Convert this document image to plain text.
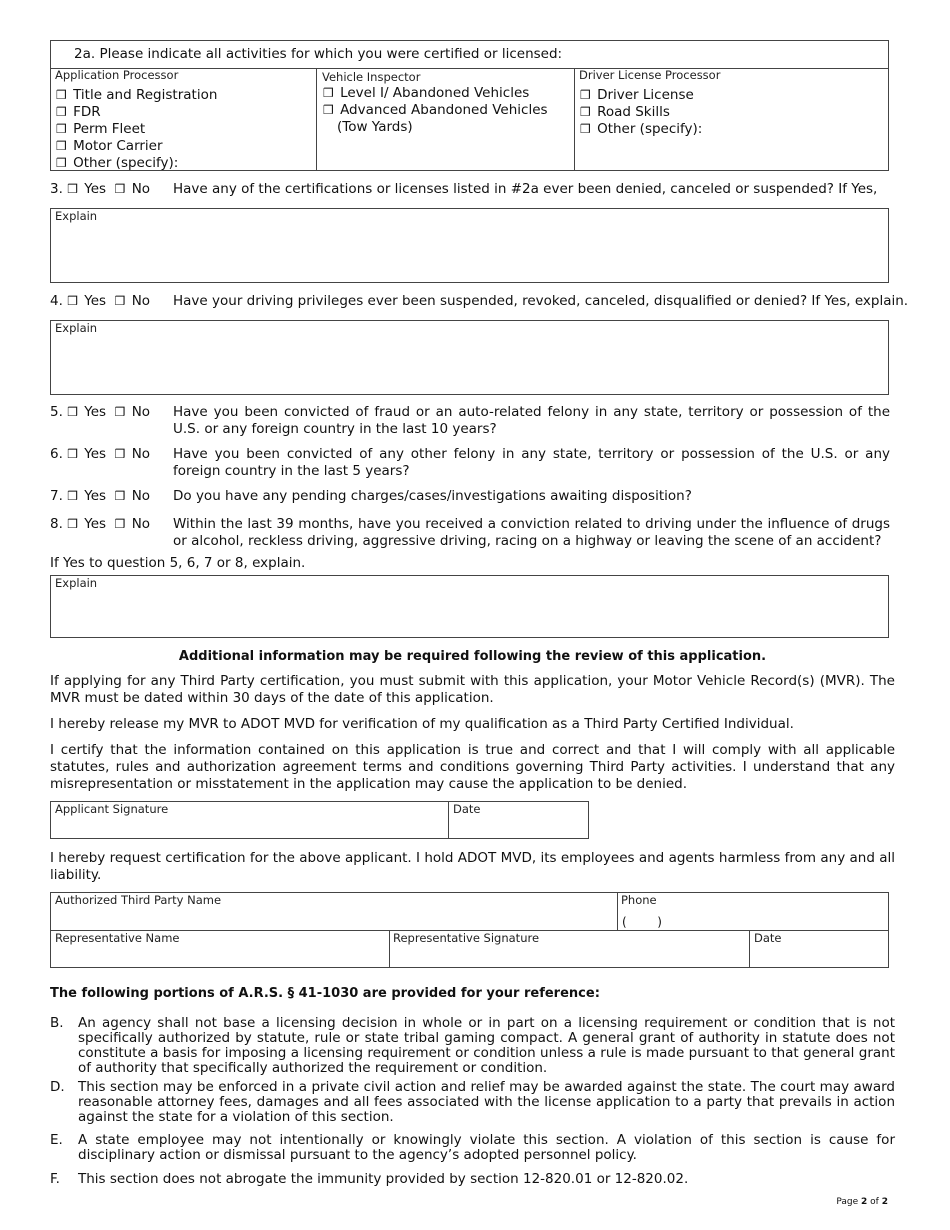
2a. Please indicate all activities for which you were certified or licensed:
Application Processor
❒ Title and Registration
❒ FDR
❒ Perm Fleet
❒ Motor Carrier
❒ Other (specify):
Vehicle Inspector
❒ Level I/ Abandoned Vehicles
❒ Advanced Abandoned Vehicles
(Tow Yards)
Driver License Processor
❒ Driver License
❒ Road Skills
❒ Other (specify):
3. ❒ Yes ❒ No Have any of the certifications or licenses listed in #2a ever been denied, canceled or suspended? If Yes,
Explain
4. ❒ Yes ❒ No Have your driving privileges ever been suspended, revoked, canceled, disqualified or denied? If Yes, explain.
Explain
5. ❒ Yes ❒ No Have you been convicted of fraud or an auto-related felony in any state, territory or possession of the U.S. or any foreign country in the last 10 years?
6. ❒ Yes ❒ No Have you been convicted of any other felony in any state, territory or possession of the U.S. or any foreign country in the last 5 years?
7. ❒ Yes ❒ No Do you have any pending charges/cases/investigations awaiting disposition?
8. ❒ Yes ❒ No Within the last 39 months, have you received a conviction related to driving under the influence of drugs or alcohol, reckless driving, aggressive driving, racing on a highway or leaving the scene of an accident?
If Yes to question 5, 6, 7 or 8, explain.
Explain
Additional information may be required following the review of this application.
If applying for any Third Party certification, you must submit with this application, your Motor Vehicle Record(s) (MVR). The MVR must be dated within 30 days of the date of this application.
I hereby release my MVR to ADOT MVD for verification of my qualification as a Third Party Certified Individual.
I certify that the information contained on this application is true and correct and that I will comply with all applicable statutes, rules and authorization agreement terms and conditions governing Third Party activities. I understand that any misrepresentation or misstatement in the application may cause the application to be denied.
Applicant Signature	Date
I hereby request certification for the above applicant. I hold ADOT MVD, its employees and agents harmless from any and all liability.
Authorized Third Party Name	Phone
(        )
Representative Name	Representative Signature	Date
The following portions of A.R.S. § 41-1030 are provided for your reference:
B. An agency shall not base a licensing decision in whole or in part on a licensing requirement or condition that is not specifically authorized by statute, rule or state tribal gaming compact. A general grant of authority in statute does not constitute a basis for imposing a licensing requirement or condition unless a rule is made pursuant to that general grant of authority that specifically authorized the requirement or condition.
D. This section may be enforced in a private civil action and relief may be awarded against the state. The court may award reasonable attorney fees, damages and all fees associated with the license application to a party that prevails in action against the state for a violation of this section.
E. A state employee may not intentionally or knowingly violate this section. A violation of this section is cause for disciplinary action or dismissal pursuant to the agency’s adopted personnel policy.
F. This section does not abrogate the immunity provided by section 12-820.01 or 12-820.02.
Page 2 of 2
